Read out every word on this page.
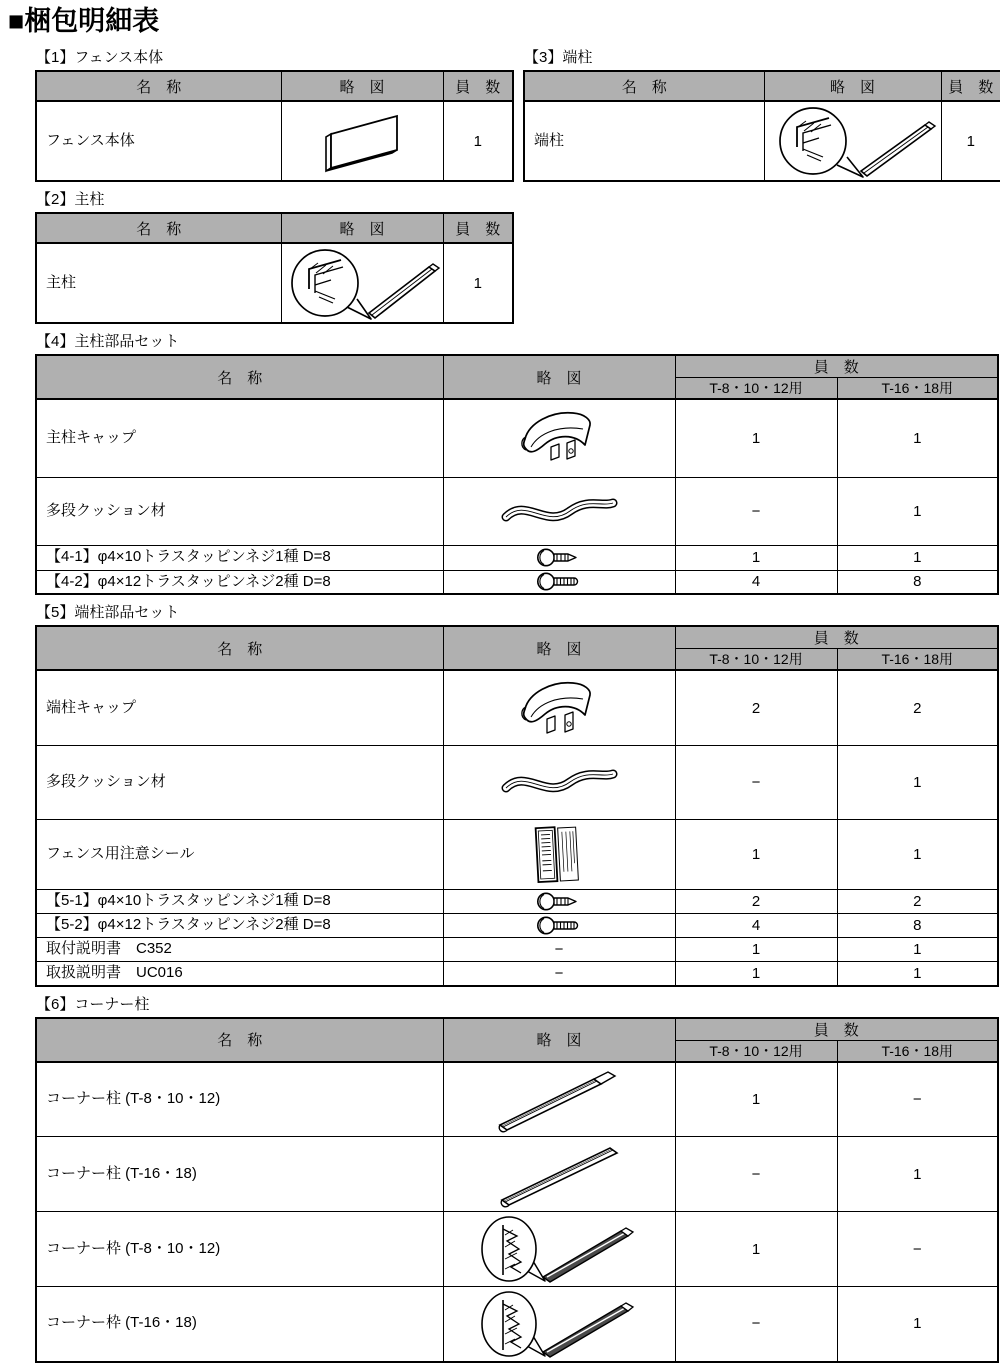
■梱包明細表
【1】フェンス本体
名　称	略　図	員　数
フェンス本体		1
【2】主柱
名　称	略　図	員　数
主柱		1
【3】端柱
名　称	略　図	員　数
端柱		1
【4】主柱部品セット
名　称	略　図	員　数	
		T-8・10・12用	T-16・18用
主柱キャップ		1	1
多段クッション材		−	1
【4-1】φ4×10トラスタッピンネジ1種 D=8		1	1
【4-2】φ4×12トラスタッピンネジ2種 D=8		4	8
【5】端柱部品セット
名　称	略　図	員　数	
		T-8・10・12用	T-16・18用
端柱キャップ		2	2
多段クッション材		−	1
フェンス用注意シール		1	1
【5-1】φ4×10トラスタッピンネジ1種 D=8		2	2
【5-2】φ4×12トラスタッピンネジ2種 D=8		4	8
取付説明書　C352	−	1	1
取扱説明書　UC016	−	1	1
【6】コーナー柱
名　称	略　図	員　数	
		T-8・10・12用	T-16・18用
コーナー柱 (T-8・10・12)		1	−
コーナー柱 (T-16・18)		−	1
コーナー枠 (T-8・10・12)		1	−
コーナー枠 (T-16・18)		−	1
